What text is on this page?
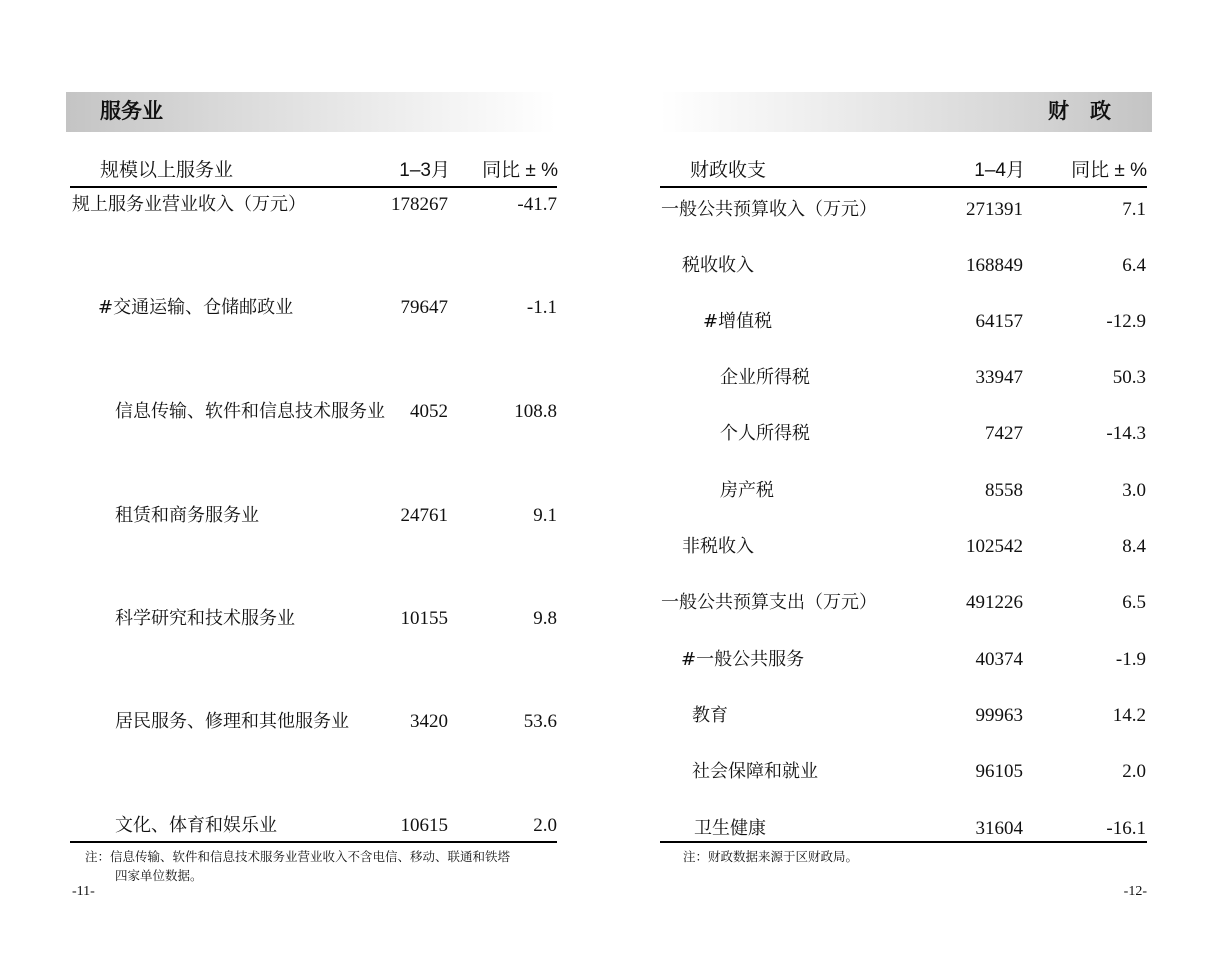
服务业
规模以上服务业	1–3月	同比 ± %
规上服务业营业收入（万元）	178267	-41.7
#交通运输、仓储邮政业	79647	-1.1
信息传输、软件和信息技术服务业	4052	108.8
租赁和商务服务业	24761	9.1
科学研究和技术服务业	10155	9.8
居民服务、修理和其他服务业	3420	53.6
文化、体育和娱乐业	10615	2.0
注：信息传输、软件和信息技术服务业营业收入不含电信、移动、联通和铁塔
四家单位数据。
-11-
财　政
财政收支	1–4月	同比 ± %
一般公共预算收入（万元）	271391	7.1
税收收入	168849	6.4
#增值税	64157	-12.9
企业所得税	33947	50.3
个人所得税	7427	-14.3
房产税	8558	3.0
非税收入	102542	8.4
一般公共预算支出（万元）	491226	6.5
#一般公共服务	40374	-1.9
教育	99963	14.2
社会保障和就业	96105	2.0
卫生健康	31604	-16.1
注：财政数据来源于区财政局。
-12-
